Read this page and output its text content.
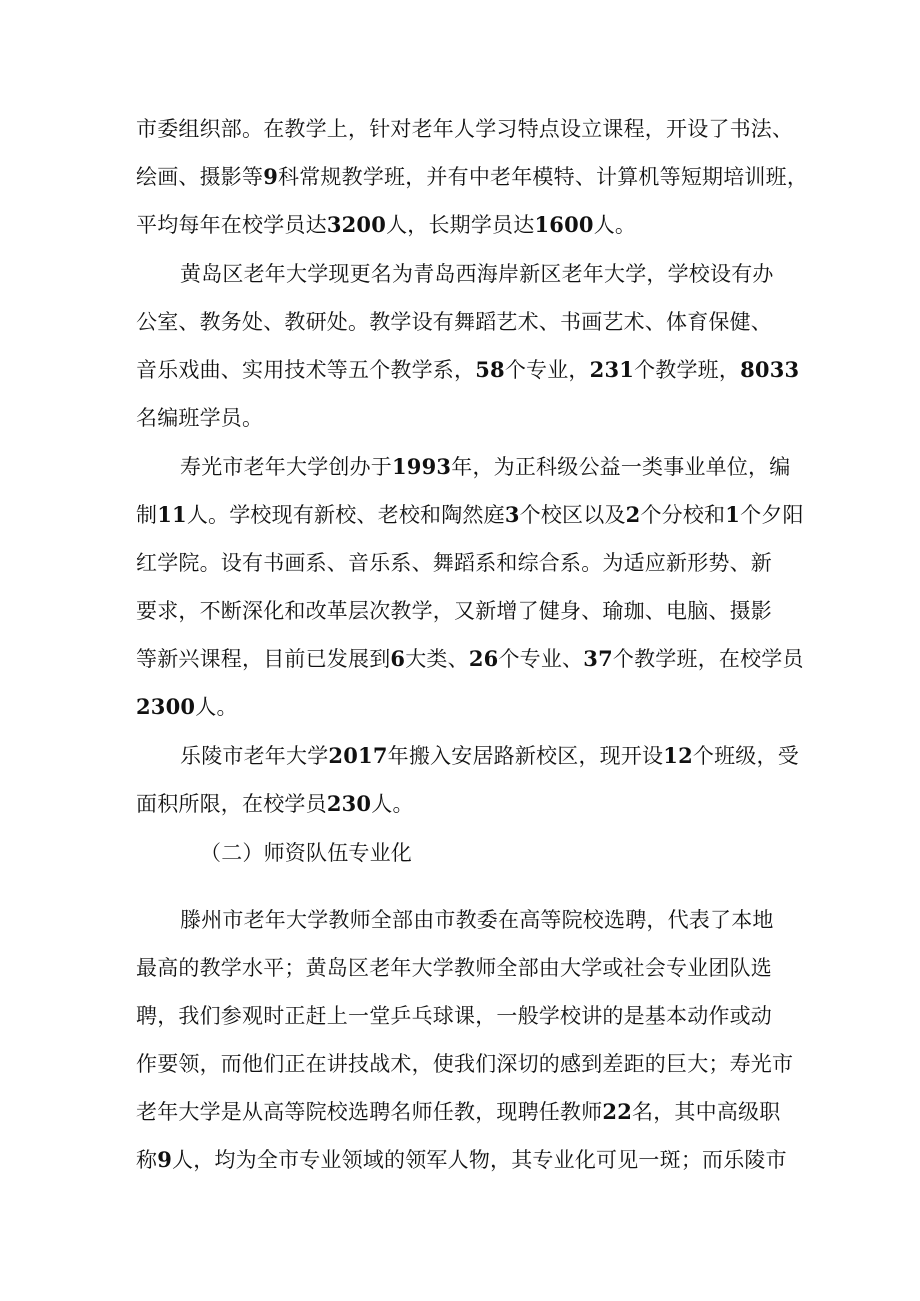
市委组织部。在教学上，针对老年人学习特点设立课程，开设了书法、
绘画、摄影等9科常规教学班，并有中老年模特、计算机等短期培训班，
平均每年在校学员达3200人，长期学员达1600人。
黄岛区老年大学现更名为青岛西海岸新区老年大学，学校设有办
公室、教务处、教研处。教学设有舞蹈艺术、书画艺术、体育保健、
音乐戏曲、实用技术等五个教学系，58个专业，231个教学班，8033
名编班学员。
寿光市老年大学创办于1993年，为正科级公益一类事业单位，编
制11人。学校现有新校、老校和陶然庭3个校区以及2个分校和1个夕阳
红学院。设有书画系、音乐系、舞蹈系和综合系。为适应新形势、新
要求，不断深化和改革层次教学，又新增了健身、瑜珈、电脑、摄影
等新兴课程，目前已发展到6大类、26个专业、37个教学班，在校学员
2300人。
乐陵市老年大学2017年搬入安居路新校区，现开设12个班级，受
面积所限，在校学员230人。
（二）师资队伍专业化
滕州市老年大学教师全部由市教委在高等院校选聘，代表了本地
最高的教学水平；黄岛区老年大学教师全部由大学或社会专业团队选
聘，我们参观时正赶上一堂乒乓球课，一般学校讲的是基本动作或动
作要领，而他们正在讲技战术，使我们深切的感到差距的巨大；寿光市
老年大学是从高等院校选聘名师任教，现聘任教师22名，其中高级职
称9人，均为全市专业领域的领军人物，其专业化可见一斑；而乐陵市
